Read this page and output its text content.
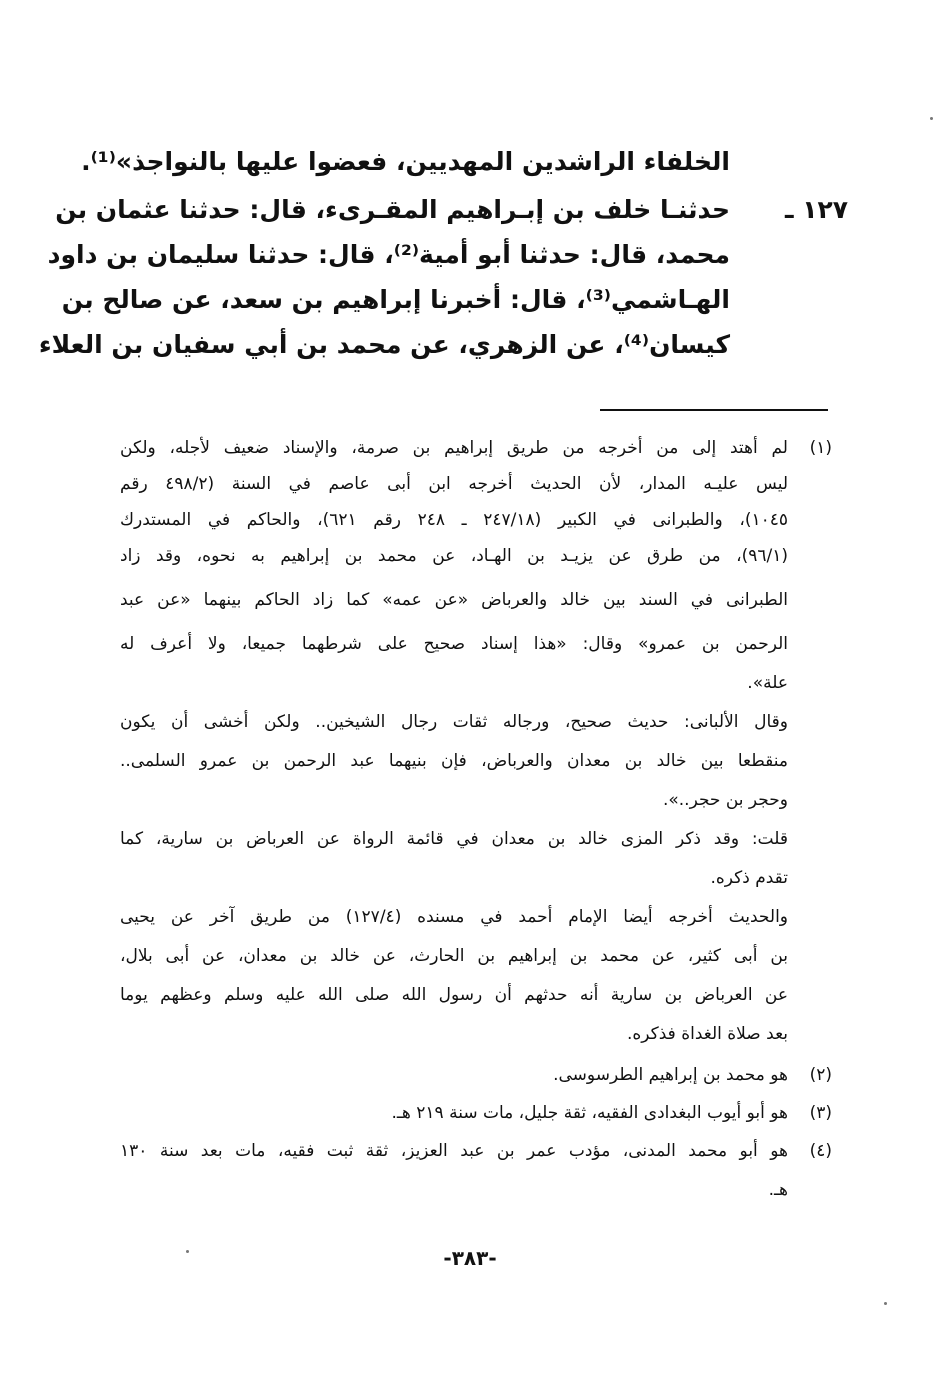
الخلفاء الراشدين المهديين، فعضوا عليها بالنواجذ»⁽¹⁾.
١٢٧ ـ
حدثنـا خلف بن إبـراهيم المقـرىء، قال: حدثنا عثمان بن
محمد، قال: حدثنا أبو أمية⁽²⁾، قال: حدثنا سليمان بن داود
الهـاشمي⁽³⁾، قال: أخبرنا إبراهيم بن سعد، عن صالح بن
كيسان⁽⁴⁾، عن الزهري، عن محمد بن أبي سفيان بن العلاء
(١)
لم أهتد إلى من أخرجه من طريق إبراهيم بن صرمة، والإسناد ضعيف لأجله، ولكن
ليس عليـه المدار، لأن الحديث أخرجه ابن أبى عاصم في السنة (٤٩٨/٢ رقم
١٠٤٥)، والطبرانى في الكبير (٢٤٧/١٨ ـ ٢٤٨ رقم ٦٢١)، والحاكم في المستدرك
(٩٦/١)، من طرق عن يزيـد بن الهـاد، عن محمد بن إبراهيم به نحوه، وقد زاد
الطبرانى في السند بين خالد والعرباض «عن عمه» كما زاد الحاكم بينهما «عن عبد
الرحمن بن عمرو» وقال: «هذا إسناد صحيح على شرطهما جميعا، ولا أعرف له
علة».
وقال الألبانى: حديث صحيح، ورجاله ثقات رجال الشيخين.. ولكن أخشى أن يكون
منقطعا بين خالد بن معدان والعرباض، فإن بنيهما عبد الرحمن بن عمرو السلمى..
وحجر بن حجر..».
قلت: وقد ذكر المزى خالد بن معدان في قائمة الرواة عن العرباض بن سارية، كما
تقدم ذكره.
والحديث أخرجه أيضا الإمام أحمد في مسنده (١٢٧/٤) من طريق آخر عن يحيى
بن أبى كثير، عن محمد بن إبراهيم بن الحارث، عن خالد بن معدان، عن أبى بلال،
عن العرباض بن سارية أنه حدثهم أن رسول الله صلى الله عليه وسلم وعظهم يوما
بعد صلاة الغداة فذكره.
(٢)
هو محمد بن إبراهيم الطرسوسى.
(٣)
هو أبو أيوب البغدادى الفقيه، ثقة جليل، مات سنة ٢١٩ هـ.
(٤)
هو أبو محمد المدنى، مؤدب عمر بن عبد العزيز، ثقة ثبت فقيه، مات بعد سنة ١٣٠
هـ.
-٣٨٣-
